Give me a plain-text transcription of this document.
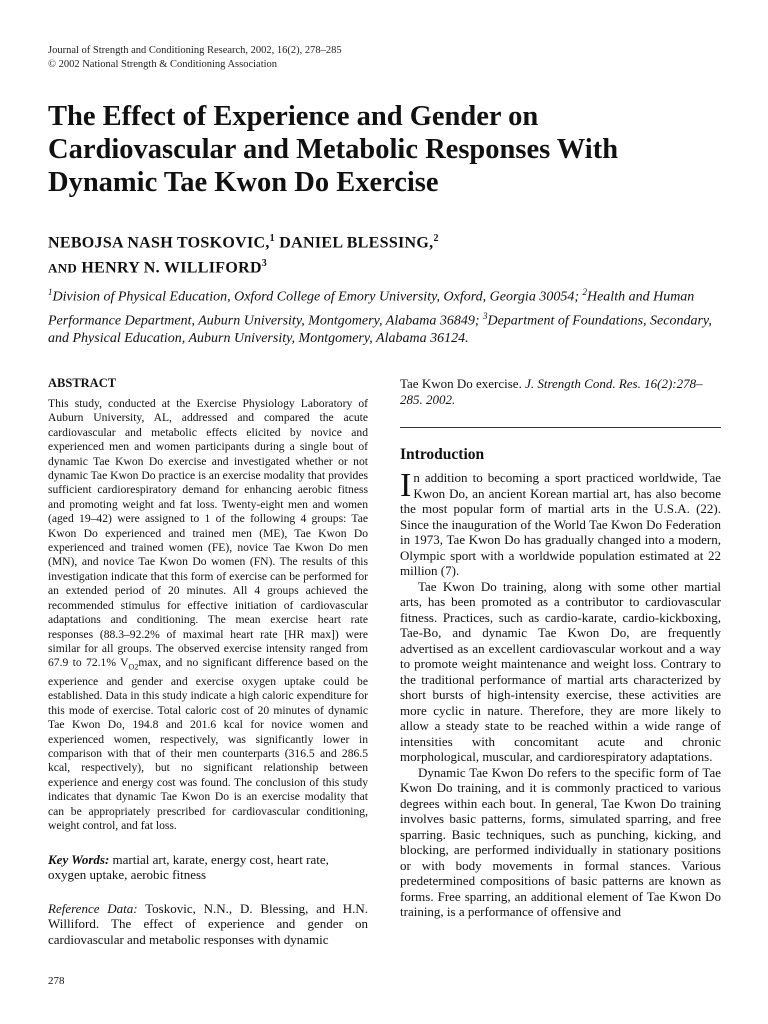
Journal of Strength and Conditioning Research, 2002, 16(2), 278–285
© 2002 National Strength & Conditioning Association
The Effect of Experience and Gender on Cardiovascular and Metabolic Responses With Dynamic Tae Kwon Do Exercise
NEBOJSA NASH TOSKOVIC,$^1$ DANIEL BLESSING,$^2$
AND HENRY N. WILLIFORD$^3$
$^1$Division of Physical Education, Oxford College of Emory University, Oxford, Georgia 30054; $^2$Health and Human Performance Department, Auburn University, Montgomery, Alabama 36849; $^3$Department of Foundations, Secondary, and Physical Education, Auburn University, Montgomery, Alabama 36124.
ABSTRACT

This study, conducted at the Exercise Physiology Laboratory of Auburn University, AL, addressed and compared the acute cardiovascular and metabolic effects elicited by novice and experienced men and women participants during a single bout of dynamic Tae Kwon Do exercise and investigated whether or not dynamic Tae Kwon Do practice is an exercise modality that provides sufficient cardiorespiratory demand for enhancing aerobic fitness and promoting weight and fat loss. Twenty-eight men and women (aged 19–42) were assigned to 1 of the following 4 groups: Tae Kwon Do experienced and trained men (ME), Tae Kwon Do experienced and trained women (FE), novice Tae Kwon Do men (MN), and novice Tae Kwon Do women (FN). The results of this investigation indicate that this form of exercise can be performed for an extended period of 20 minutes. All 4 groups achieved the recommended stimulus for effective initiation of cardiovascular adaptations and conditioning. The mean exercise heart rate responses (88.3–92.2% of maximal heart rate [HR max]) were similar for all groups. The observed exercise intensity ranged from 67.9 to 72.1% $V_{O2}\max$, and no significant difference based on the experience and gender and exercise oxygen uptake could be established. Data in this study indicate a high caloric expenditure for this mode of exercise. Total caloric cost of 20 minutes of dynamic Tae Kwon Do, 194.8 and 201.6 kcal for novice women and experienced women, respectively, was significantly lower in comparison with that of their men counterparts (316.5 and 286.5 kcal, respectively), but no significant relationship between experience and energy cost was found. The conclusion of this study indicates that dynamic Tae Kwon Do is an exercise modality that can be appropriately prescribed for cardiovascular conditioning, weight control, and fat loss.

Key Words: martial art, karate, energy cost, heart rate, oxygen uptake, aerobic fitness

Reference Data: Toskovic, N.N., D. Blessing, and H.N. Williford. The effect of experience and gender on cardiovascular and metabolic responses with dynamic

Tae Kwon Do exercise. J. Strength Cond. Res. 16(2):278–285. 2002.

Introduction

In addition to becoming a sport practiced worldwide, Tae Kwon Do, an ancient Korean martial art, has also become the most popular form of martial arts in the U.S.A. (22). Since the inauguration of the World Tae Kwon Do Federation in 1973, Tae Kwon Do has gradually changed into a modern, Olympic sport with a worldwide population estimated at 22 million (7).

Tae Kwon Do training, along with some other martial arts, has been promoted as a contributor to cardiovascular fitness. Practices, such as cardio-karate, cardio-kickboxing, Tae-Bo, and dynamic Tae Kwon Do, are frequently advertised as an excellent cardiovascular workout and a way to promote weight maintenance and weight loss. Contrary to the traditional performance of martial arts characterized by short bursts of high-intensity exercise, these activities are more cyclic in nature. Therefore, they are more likely to allow a steady state to be reached within a wide range of intensities with concomitant acute and chronic morphological, muscular, and cardiorespiratory adaptations.

Dynamic Tae Kwon Do refers to the specific form of Tae Kwon Do training, and it is commonly practiced to various degrees within each bout. In general, Tae Kwon Do training involves basic patterns, forms, simulated sparring, and free sparring. Basic techniques, such as punching, kicking, and blocking, are performed individually in stationary positions or with body movements in formal stances. Various predetermined compositions of basic patterns are known as forms. Free sparring, an additional element of Tae Kwon Do training, is a performance of offensive and

278
